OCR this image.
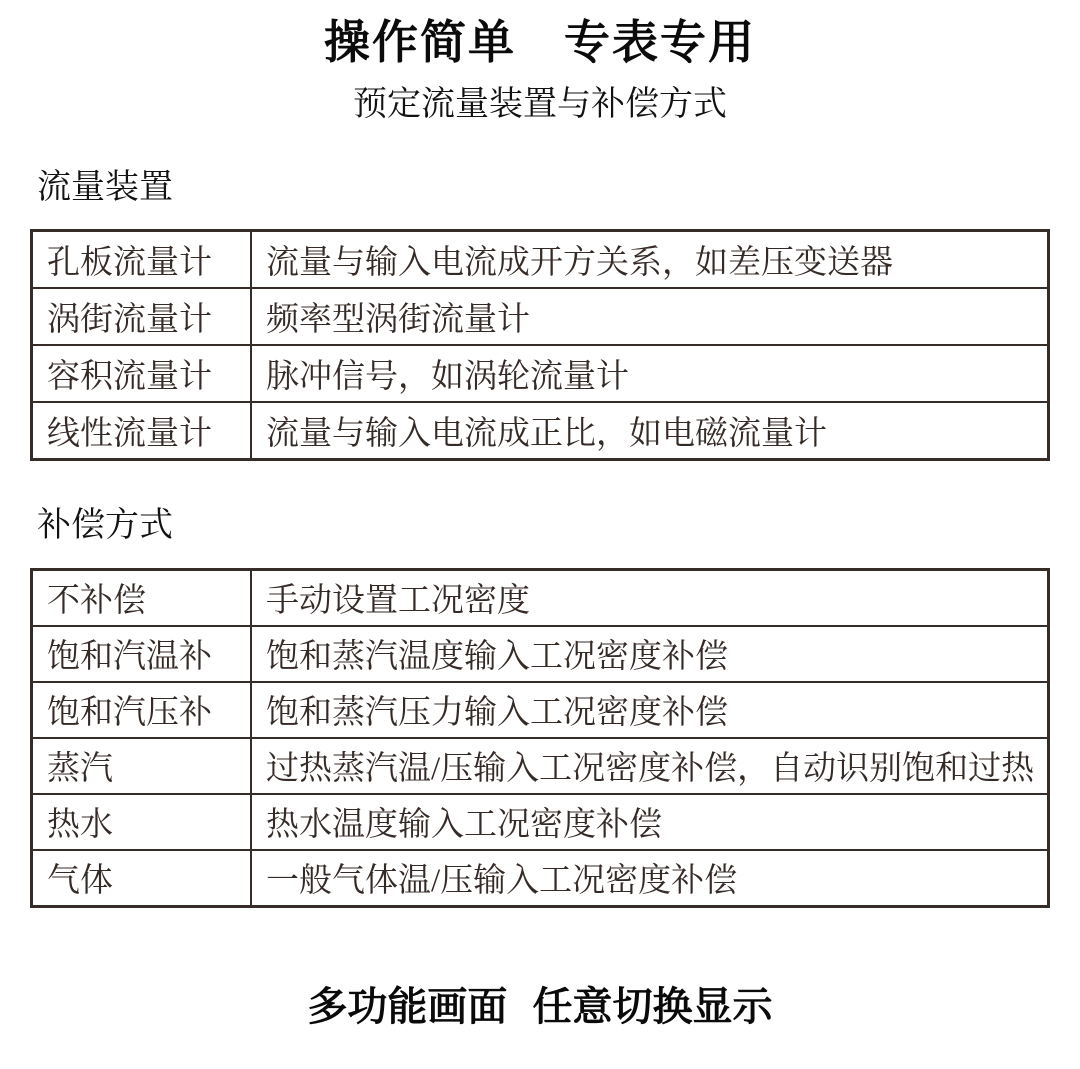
操作简单　专表专用
预定流量装置与补偿方式
流量装置
孔板流量计	流量与输入电流成开方关系，如差压变送器
涡街流量计	频率型涡街流量计
容积流量计	脉冲信号，如涡轮流量计
线性流量计	流量与输入电流成正比，如电磁流量计
补偿方式
不补偿	手动设置工况密度
饱和汽温补	饱和蒸汽温度输入工况密度补偿
饱和汽压补	饱和蒸汽压力输入工况密度补偿
蒸汽	过热蒸汽温/压输入工况密度补偿，自动识别饱和过热
热水	热水温度输入工况密度补偿
气体	一般气体温/压输入工况密度补偿
多功能画面 任意切换显示
